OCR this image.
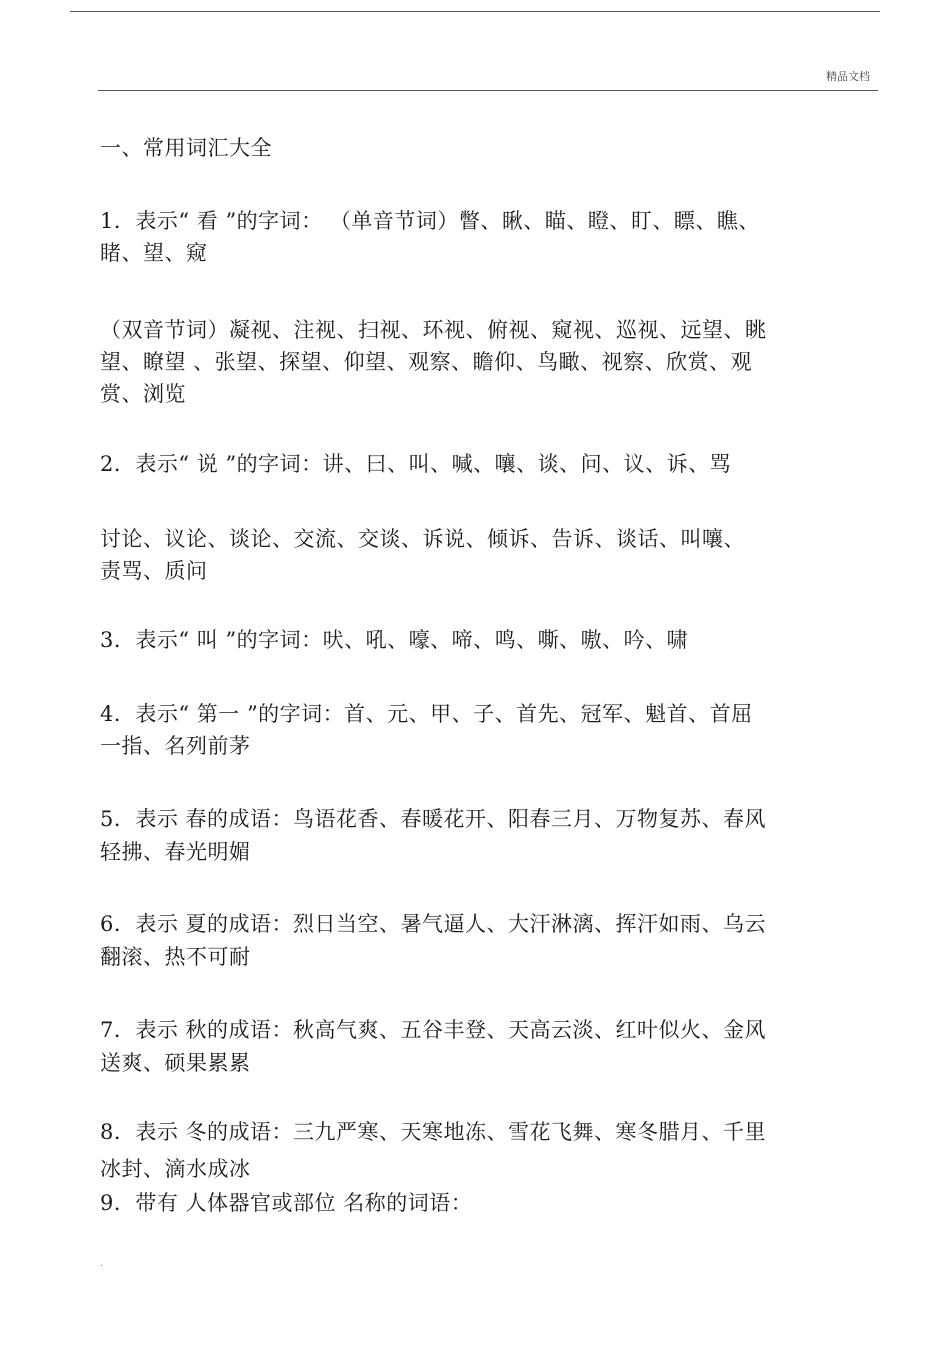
精品文档
一、常用词汇大全
1．表示“ 看 ”的字词： （单音节词）瞥、瞅、瞄、瞪、盯、瞟、瞧、
睹、望、窥
（双音节词）凝视、注视、扫视、环视、俯视、窥视、巡视、远望、眺
望、瞭望 、张望、探望、仰望、观察、瞻仰、鸟瞰、视察、欣赏、观
赏、浏览
2．表示“ 说 ”的字词：讲、曰、叫、喊、嚷、谈、问、议、诉、骂
讨论、议论、谈论、交流、交谈、诉说、倾诉、告诉、谈话、叫嚷、
责骂、质问
3．表示“ 叫 ”的字词：吠、吼、嚎、啼、鸣、嘶、嗷、吟、啸
4．表示“ 第一 ”的字词：首、元、甲、子、首先、冠军、魁首、首屈
一指、名列前茅
5．表示 春的成语：鸟语花香、春暖花开、阳春三月、万物复苏、春风
轻拂、春光明媚
6．表示 夏的成语：烈日当空、暑气逼人、大汗淋漓、挥汗如雨、乌云
翻滚、热不可耐
7．表示 秋的成语：秋高气爽、五谷丰登、天高云淡、红叶似火、金风
送爽、硕果累累
8．表示 冬的成语：三九严寒、天寒地冻、雪花飞舞、寒冬腊月、千里
冰封、滴水成冰
9．带有 人体器官或部位 名称的词语：
.
